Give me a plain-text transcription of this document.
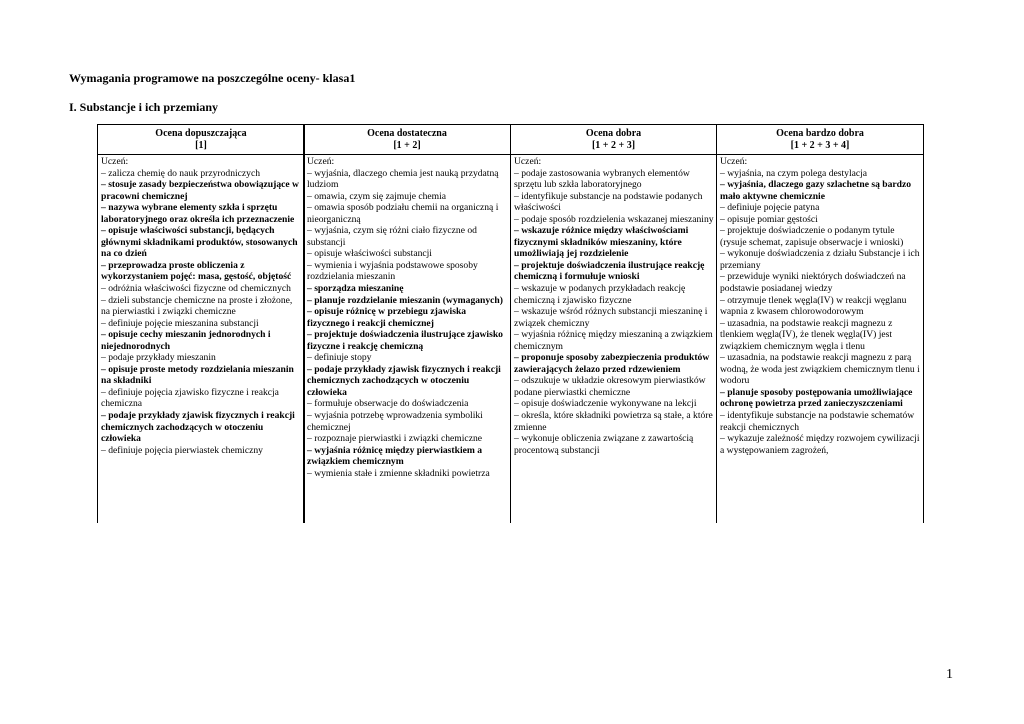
Wymagania programowe na poszczególne oceny- klasa1
I. Substancje i ich przemiany
Ocena dopuszczająca
[1]
Uczeń:
– zalicza chemię do nauk przyrodniczych
– stosuje zasady bezpieczeństwa obowiązujące w pracowni chemicznej
– nazywa wybrane elementy szkła i sprzętu laboratoryjnego oraz określa ich przeznaczenie
– opisuje właściwości substancji, będących głównymi składnikami produktów, stosowanych na co dzień
– przeprowadza proste obliczenia z wykorzystaniem pojęć: masa, gęstość, objętość
– odróżnia właściwości fizyczne od chemicznych
– dzieli substancje chemiczne na proste i złożone, na pierwiastki i związki chemiczne
– definiuje pojęcie mieszanina substancji
– opisuje cechy mieszanin jednorodnych i niejednorodnych
– podaje przykłady mieszanin
– opisuje proste metody rozdzielania mieszanin na składniki
– definiuje pojęcia zjawisko fizyczne i reakcja chemiczna
– podaje przykłady zjawisk fizycznych i reakcji chemicznych zachodzących w otoczeniu człowieka
– definiuje pojęcia pierwiastek chemiczny
Ocena dostateczna
[1 + 2]
Uczeń:
– wyjaśnia, dlaczego chemia jest nauką przydatną ludziom
– omawia, czym się zajmuje chemia
– omawia sposób podziału chemii na organiczną i nieorganiczną
– wyjaśnia, czym się różni ciało fizyczne od substancji
– opisuje właściwości substancji
– wymienia i wyjaśnia podstawowe sposoby rozdzielania mieszanin
– sporządza mieszaninę
– planuje rozdzielanie mieszanin (wymaganych)
– opisuje różnicę w przebiegu zjawiska fizycznego i reakcji chemicznej
– projektuje doświadczenia ilustrujące zjawisko fizyczne i reakcję chemiczną
– definiuje stopy
– podaje przykłady zjawisk fizycznych i reakcji chemicznych zachodzących w otoczeniu człowieka
– formułuje obserwacje do doświadczenia
– wyjaśnia potrzebę wprowadzenia symboliki chemicznej
– rozpoznaje pierwiastki i związki chemiczne
– wyjaśnia różnicę między pierwiastkiem a związkiem chemicznym
– wymienia stałe i zmienne składniki powietrza
Ocena dobra
[1 + 2 + 3]
Uczeń:
– podaje zastosowania wybranych elementów sprzętu lub szkła laboratoryjnego
– identyfikuje substancje na podstawie podanych właściwości
– podaje sposób rozdzielenia wskazanej mieszaniny
– wskazuje różnice między właściwościami fizycznymi składników mieszaniny, które umożliwiają jej rozdzielenie
– projektuje doświadczenia ilustrujące reakcję chemiczną i formułuje wnioski
– wskazuje w podanych przykładach reakcję chemiczną i zjawisko fizyczne
– wskazuje wśród różnych substancji mieszaninę i związek chemiczny
– wyjaśnia różnicę między mieszaniną a związkiem chemicznym
– proponuje sposoby zabezpieczenia produktów zawierających żelazo przed rdzewieniem
– odszukuje w układzie okresowym pierwiastków podane pierwiastki chemiczne
– opisuje doświadczenie wykonywane na lekcji
– określa, które składniki powietrza są stałe, a które zmienne
– wykonuje obliczenia związane z zawartością procentową substancji
Ocena bardzo dobra
[1 + 2 + 3 + 4]
Uczeń:
– wyjaśnia, na czym polega destylacja
– wyjaśnia, dlaczego gazy szlachetne są bardzo mało aktywne chemicznie
– definiuje pojęcie patyna
– opisuje pomiar gęstości
– projektuje doświadczenie o podanym tytule (rysuje schemat, zapisuje obserwacje i wnioski)
– wykonuje doświadczenia z działu Substancje i ich przemiany
– przewiduje wyniki niektórych doświadczeń na podstawie posiadanej wiedzy
– otrzymuje tlenek węgla(IV) w reakcji węglanu wapnia z kwasem chlorowodorowym
– uzasadnia, na podstawie reakcji magnezu z tlenkiem węgla(IV), że tlenek węgla(IV) jest związkiem chemicznym węgla i tlenu
– uzasadnia, na podstawie reakcji magnezu z parą wodną, że woda jest związkiem chemicznym tlenu i wodoru
– planuje sposoby postępowania umożliwiające ochronę powietrza przed zanieczyszczeniami
– identyfikuje substancje na podstawie schematów reakcji chemicznych
– wykazuje zależność między rozwojem cywilizacji a występowaniem zagrożeń,
1
